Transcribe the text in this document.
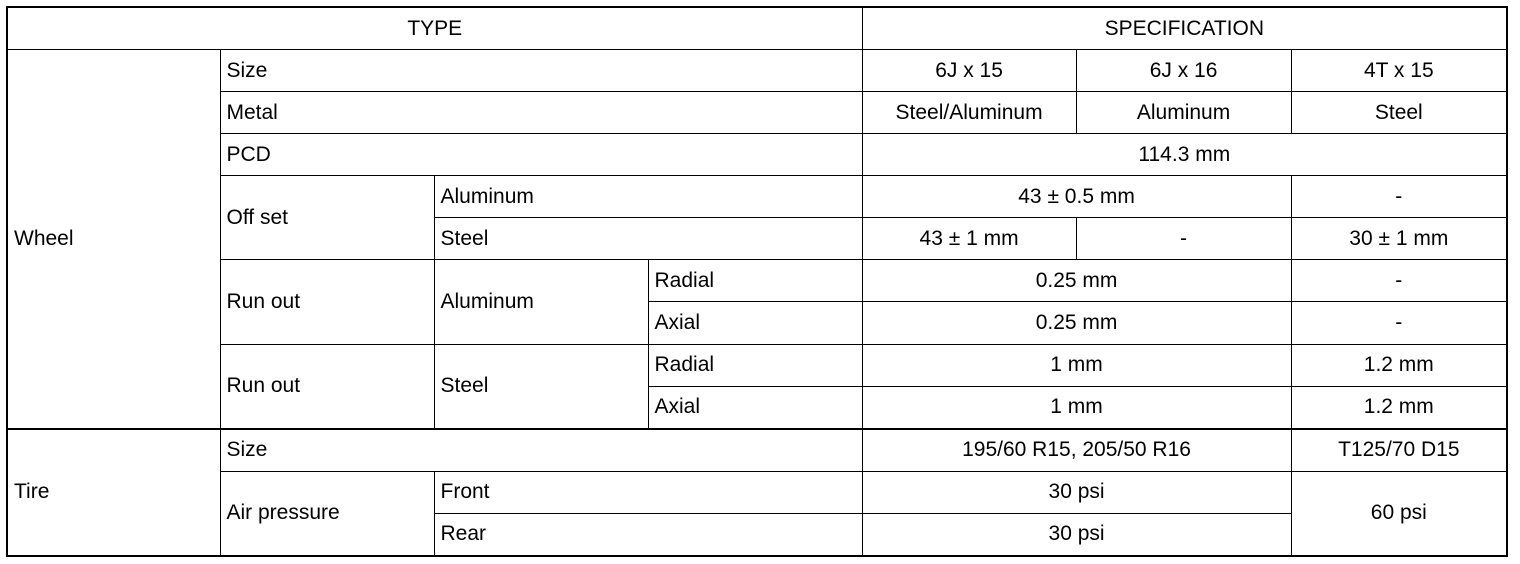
TYPE				SPECIFICATION		
Wheel	Size			6J x 15	6J x 16	4T x 15
	Metal			Steel/Aluminum	Aluminum	Steel
	PCD			114.3 mm		
	Off set	Aluminum		43 ± 0.5 mm		-
		Steel		43 ± 1 mm	-	30 ± 1 mm
	Run out	Aluminum	Radial	0.25 mm		-
			Axial	0.25 mm		-
	Run out	Steel	Radial	1 mm		1.2 mm
			Axial	1 mm		1.2 mm
Tire	Size			195/60 R15, 205/50 R16		T125/70 D15
	Air pressure	Front		30 psi		60 psi
		Rear		30 psi		
